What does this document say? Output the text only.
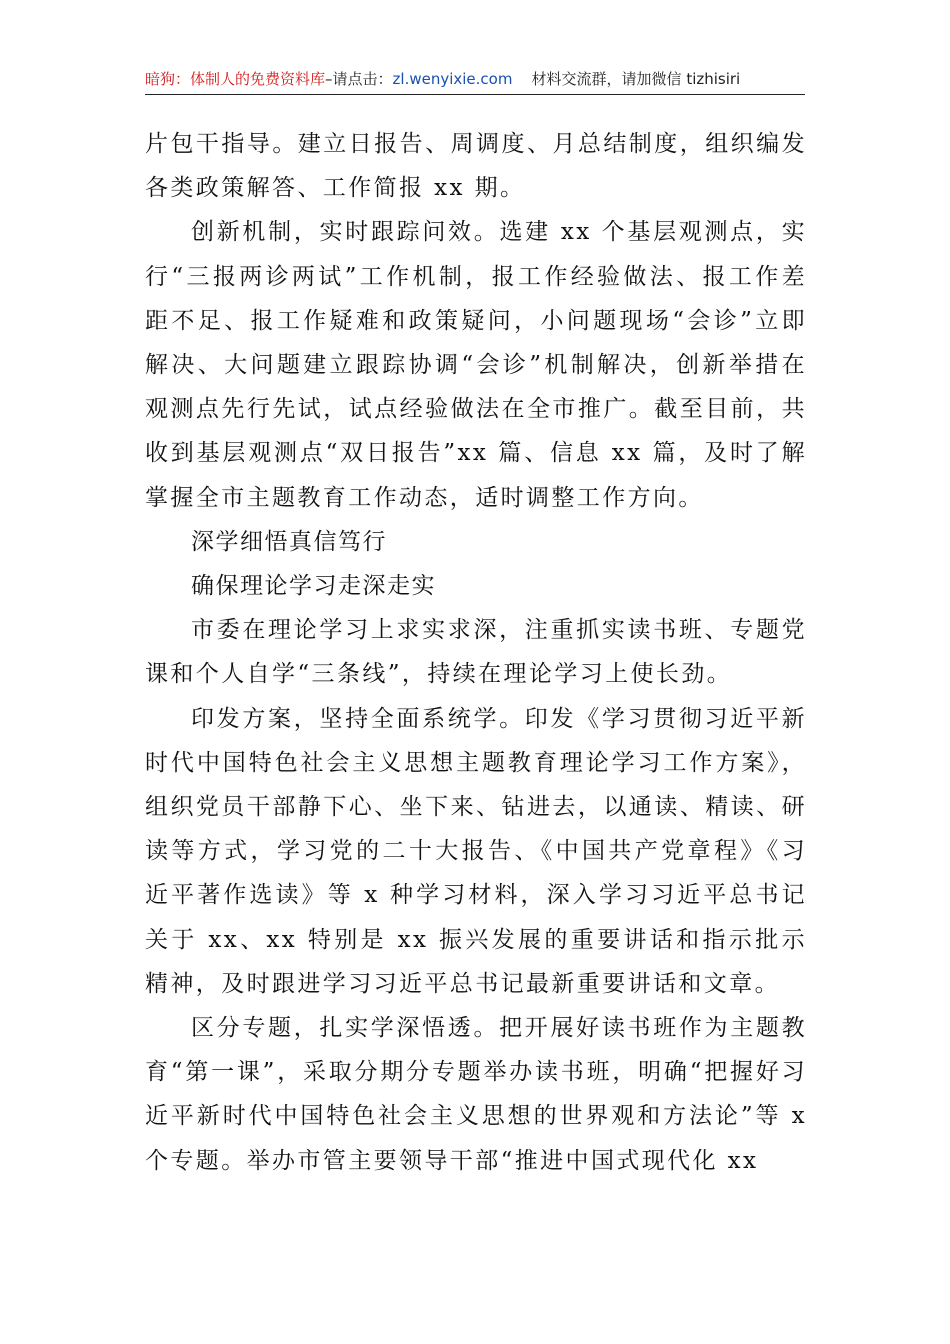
暗狗：体制人的免费资料库–请点击：zl.wenyixie.com 材料交流群，请加微信 tizhisiri

片包干指导。建立日报告、周调度、月总结制度，组织编发各类政策解答、工作简报 xx 期。

创新机制，实时跟踪问效。选建 xx 个基层观测点，实行“三报两诊两试”工作机制，报工作经验做法、报工作差距不足、报工作疑难和政策疑问，小问题现场“会诊”立即解决、大问题建立跟踪协调“会诊”机制解决，创新举措在观测点先行先试，试点经验做法在全市推广。截至目前，共收到基层观测点“双日报告”xx 篇、信息 xx 篇，及时了解掌握全市主题教育工作动态，适时调整工作方向。

深学细悟真信笃行
确保理论学习走深走实

市委在理论学习上求实求深，注重抓实读书班、专题党课和个人自学“三条线”，持续在理论学习上使长劲。

印发方案，坚持全面系统学。印发《学习贯彻习近平新时代中国特色社会主义思想主题教育理论学习工作方案》，组织党员干部静下心、坐下来、钻进去，以通读、精读、研读等方式，学习党的二十大报告、《中国共产党章程》《习近平著作选读》等 x 种学习材料，深入学习习近平总书记关于 xx、xx 特别是 xx 振兴发展的重要讲话和指示批示精神，及时跟进学习习近平总书记最新重要讲话和文章。

区分专题，扎实学深悟透。把开展好读书班作为主题教育“第一课”，采取分期分专题举办读书班，明确“把握好习近平新时代中国特色社会主义思想的世界观和方法论”等 x 个专题。举办市管主要领导干部“推进中国式现代化 xx
